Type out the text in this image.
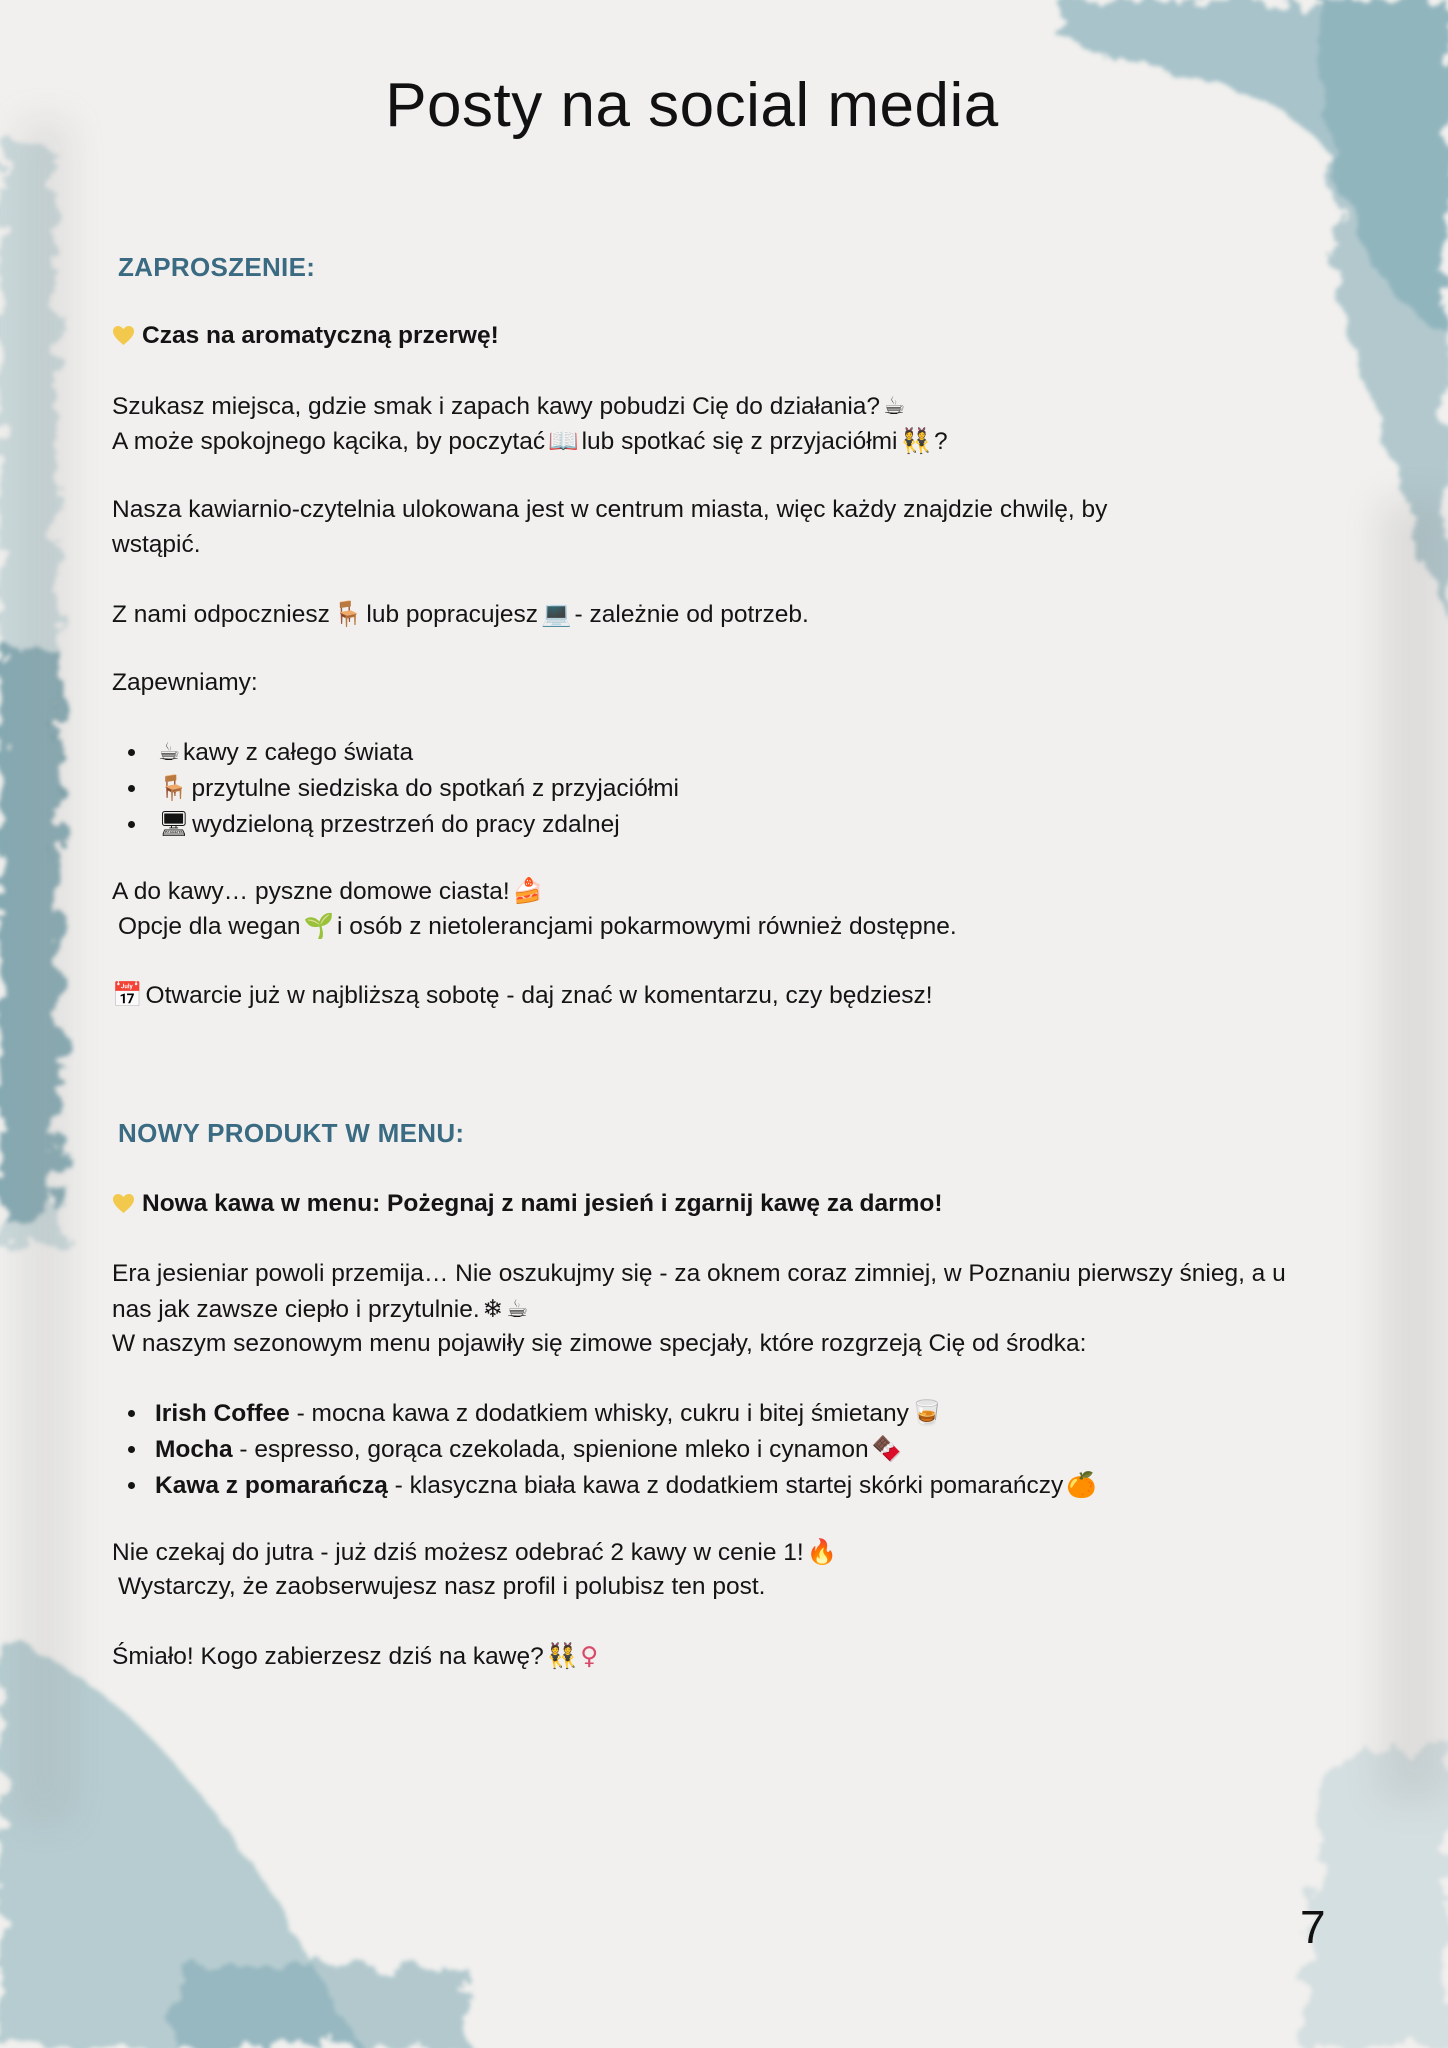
Posty na social media
ZAPROSZENIE:

Czas na aromatyczną przerwę!

Szukasz miejsca, gdzie smak i zapach kawy pobudzi Cię do działania? ☕

A może spokojnego kącika, by poczytać 📖 lub spotkać się z przyjaciółmi 👯 ?

Nasza kawiarnio-czytelnia ulokowana jest w centrum miasta, więc każdy znajdzie chwilę, by

wstąpić.

Z nami odpoczniesz 🪑 lub popracujesz 💻 - zależnie od potrzeb.

Zapewniamy:

☕ kawy z całego świata
🪑 przytulne siedziska do spotkań z przyjaciółmi
🖥 wydzieloną przestrzeń do pracy zdalnej

A do kawy… pyszne domowe ciasta! 🍰

Opcje dla wegan 🌱 i osób z nietolerancjami pokarmowymi również dostępne.

📅 Otwarcie już w najbliższą sobotę - daj znać w komentarzu, czy będziesz!

NOWY PRODUKT W MENU:

Nowa kawa w menu: Pożegnaj z nami jesień i zgarnij kawę za darmo!

Era jesieniar powoli przemija… Nie oszukujmy się - za oknem coraz zimniej, w Poznaniu pierwszy śnieg, a u

nas jak zawsze ciepło i przytulnie. ❄ ☕

W naszym sezonowym menu pojawiły się zimowe specjały, które rozgrzeją Cię od środka:

Irish Coffee - mocna kawa z dodatkiem whisky, cukru i bitej śmietany 🥃
Mocha - espresso, gorąca czekolada, spienione mleko i cynamon 🍫
Kawa z pomarańczą - klasyczna biała kawa z dodatkiem startej skórki pomarańczy 🍊

Nie czekaj do jutra - już dziś możesz odebrać 2 kawy w cenie 1! 🔥

Wystarczy, że zaobserwujesz nasz profil i polubisz ten post.

Śmiało! Kogo zabierzesz dziś na kawę? 👯 ♀

7
